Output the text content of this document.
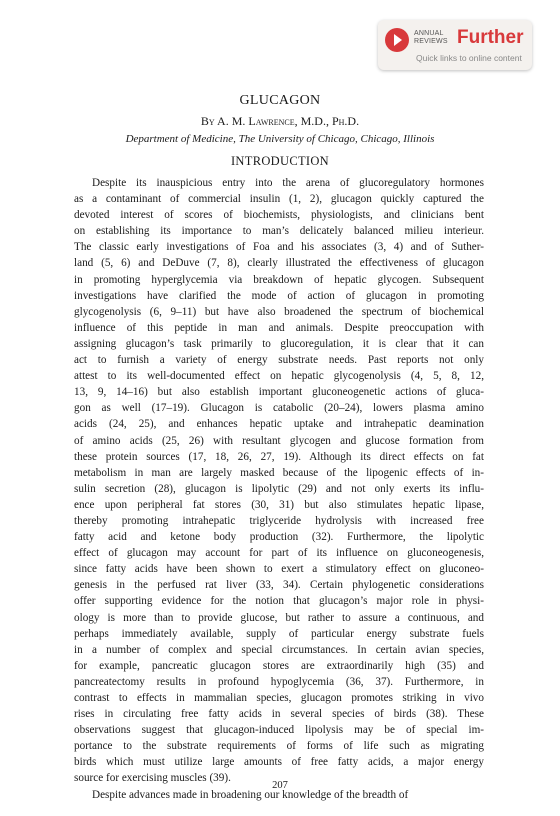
ANNUAL
REVIEWS Further
Quick links to online content
GLUCAGON
By A. M. Lawrence, M.D., Ph.D.
Department of Medicine, The University of Chicago, Chicago, Illinois
INTRODUCTION
Despite its inauspicious entry into the arena of glucoregulatory hormones
as a contaminant of commercial insulin (1, 2), glucagon quickly captured the
devoted interest of scores of biochemists, physiologists, and clinicians bent
on establishing its importance to man’s delicately balanced milieu interieur.
The classic early investigations of Foa and his associates (3, 4) and of Suther-
land (5, 6) and DeDuve (7, 8), clearly illustrated the effectiveness of glucagon
in promoting hyperglycemia via breakdown of hepatic glycogen. Subsequent
investigations have clarified the mode of action of glucagon in promoting
glycogenolysis (6, 9–11) but have also broadened the spectrum of biochemical
influence of this peptide in man and animals. Despite preoccupation with
assigning glucagon’s task primarily to glucoregulation, it is clear that it can
act to furnish a variety of energy substrate needs. Past reports not only
attest to its well-documented effect on hepatic glycogenolysis (4, 5, 8, 12,
13, 9, 14–16) but also establish important gluconeogenetic actions of gluca-
gon as well (17–19). Glucagon is catabolic (20–24), lowers plasma amino
acids (24, 25), and enhances hepatic uptake and intrahepatic deamination
of amino acids (25, 26) with resultant glycogen and glucose formation from
these protein sources (17, 18, 26, 27, 19). Although its direct effects on fat
metabolism in man are largely masked because of the lipogenic effects of in-
sulin secretion (28), glucagon is lipolytic (29) and not only exerts its influ-
ence upon peripheral fat stores (30, 31) but also stimulates hepatic lipase,
thereby promoting intrahepatic triglyceride hydrolysis with increased free
fatty acid and ketone body production (32). Furthermore, the lipolytic
effect of glucagon may account for part of its influence on gluconeogenesis,
since fatty acids have been shown to exert a stimulatory effect on gluconeo-
genesis in the perfused rat liver (33, 34). Certain phylogenetic considerations
offer supporting evidence for the notion that glucagon’s major role in physi-
ology is more than to provide glucose, but rather to assure a continuous, and
perhaps immediately available, supply of particular energy substrate fuels
in a number of complex and special circumstances. In certain avian species,
for example, pancreatic glucagon stores are extraordinarily high (35) and
pancreatectomy results in profound hypoglycemia (36, 37). Furthermore, in
contrast to effects in mammalian species, glucagon promotes striking in vivo
rises in circulating free fatty acids in several species of birds (38). These
observations suggest that glucagon-induced lipolysis may be of special im-
portance to the substrate requirements of forms of life such as migrating
birds which must utilize large amounts of free fatty acids, a major energy
source for exercising muscles (39).
Despite advances made in broadening our knowledge of the breadth of
207
